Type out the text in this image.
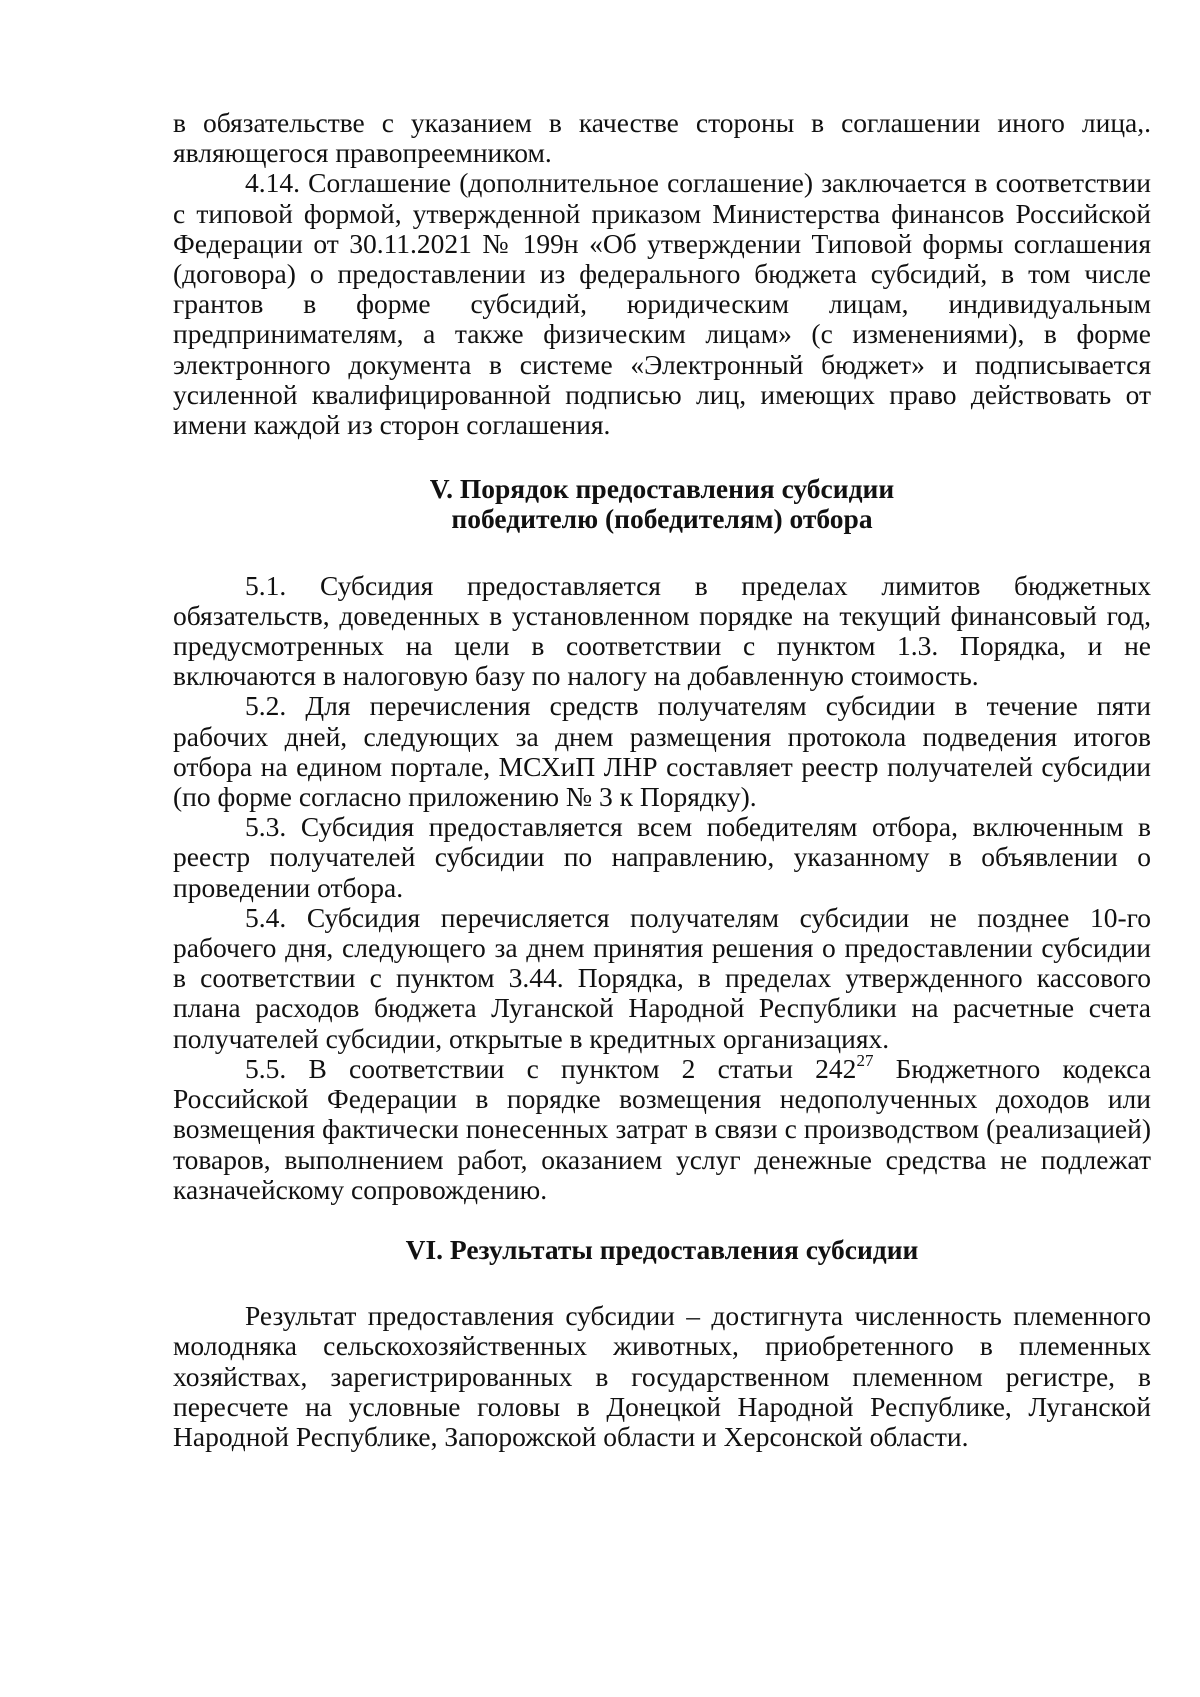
в обязательстве с указанием в качестве стороны в соглашении иного лица,. являющегося правопреемником.

4.14. Соглашение (дополнительное соглашение) заключается в соответствии с типовой формой, утвержденной приказом Министерства финансов Российской Федерации от 30.11.2021 № 199н «Об утверждении Типовой формы соглашения (договора) о предоставлении из федерального бюджета субсидий, в том числе грантов в форме субсидий, юридическим лицам, индивидуальным предпринимателям, а также физическим лицам» (с изменениями), в форме электронного документа в системе «Электронный бюджет» и подписывается усиленной квалифицированной подписью лиц, имеющих право действовать от имени каждой из сторон соглашения.

V. Порядок предоставления субсидии

победителю (победителям) отбора

5.1. Субсидия предоставляется в пределах лимитов бюджетных обязательств, доведенных в установленном порядке на текущий финансовый год, предусмотренных на цели в соответствии с пунктом 1.3. Порядка, и не включаются в налоговую базу по налогу на добавленную стоимость.

5.2. Для перечисления средств получателям субсидии в течение пяти рабочих дней, следующих за днем размещения протокола подведения итогов отбора на едином портале, МСХиП ЛНР составляет реестр получателей субсидии (по форме согласно приложению № 3 к Порядку).

5.3. Субсидия предоставляется всем победителям отбора, включенным в реестр получателей субсидии по направлению, указанному в объявлении о проведении отбора.

5.4. Субсидия перечисляется получателям субсидии не позднее 10-го рабочего дня, следующего за днем принятия решения о предоставлении субсидии в соответствии с пунктом 3.44. Порядка, в пределах утвержденного кассового плана расходов бюджета Луганской Народной Республики на расчетные счета получателей субсидии, открытые в кредитных организациях.

5.5. В соответствии с пунктом 2 статьи $242^{27}$ Бюджетного кодекса Российской Федерации в порядке возмещения недополученных доходов или возмещения фактически понесенных затрат в связи с производством (реализацией) товаров, выполнением работ, оказанием услуг денежные средства не подлежат казначейскому сопровождению.

VI. Результаты предоставления субсидии

Результат предоставления субсидии – достигнута численность племенного молодняка сельскохозяйственных животных, приобретенного в племенных хозяйствах, зарегистрированных в государственном племенном регистре, в пересчете на условные головы в Донецкой Народной Республике, Луганской Народной Республике, Запорожской области и Херсонской области.
